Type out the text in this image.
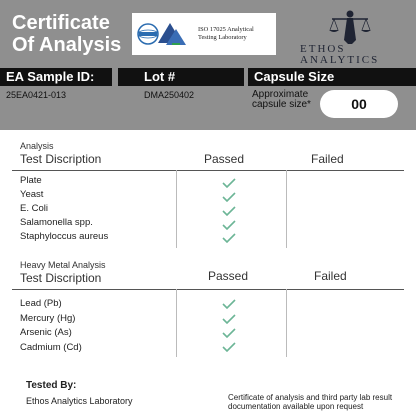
Certificate
Of Analysis
ISO 17025 Analytical
Testing Laboratory
ETHOS ANALYTICS
EA Sample ID:	Lot #	Capsule Size
25EA0421-013	DMA250402	Approximate
capsule size*	00
Analysis
Test Discription	Passed	Failed
Plate
Yeast
E. Coli
Salamonella spp.
Staphyloccus aureus
Heavy Metal Analysis
Test Discription	Passed	Failed
Lead (Pb)
Mercury (Hg)
Arsenic (As)
Cadmium (Cd)
Tested By:
Ethos Analytics Laboratory	Certificate of analysis and third party lab result documentation available upon request
